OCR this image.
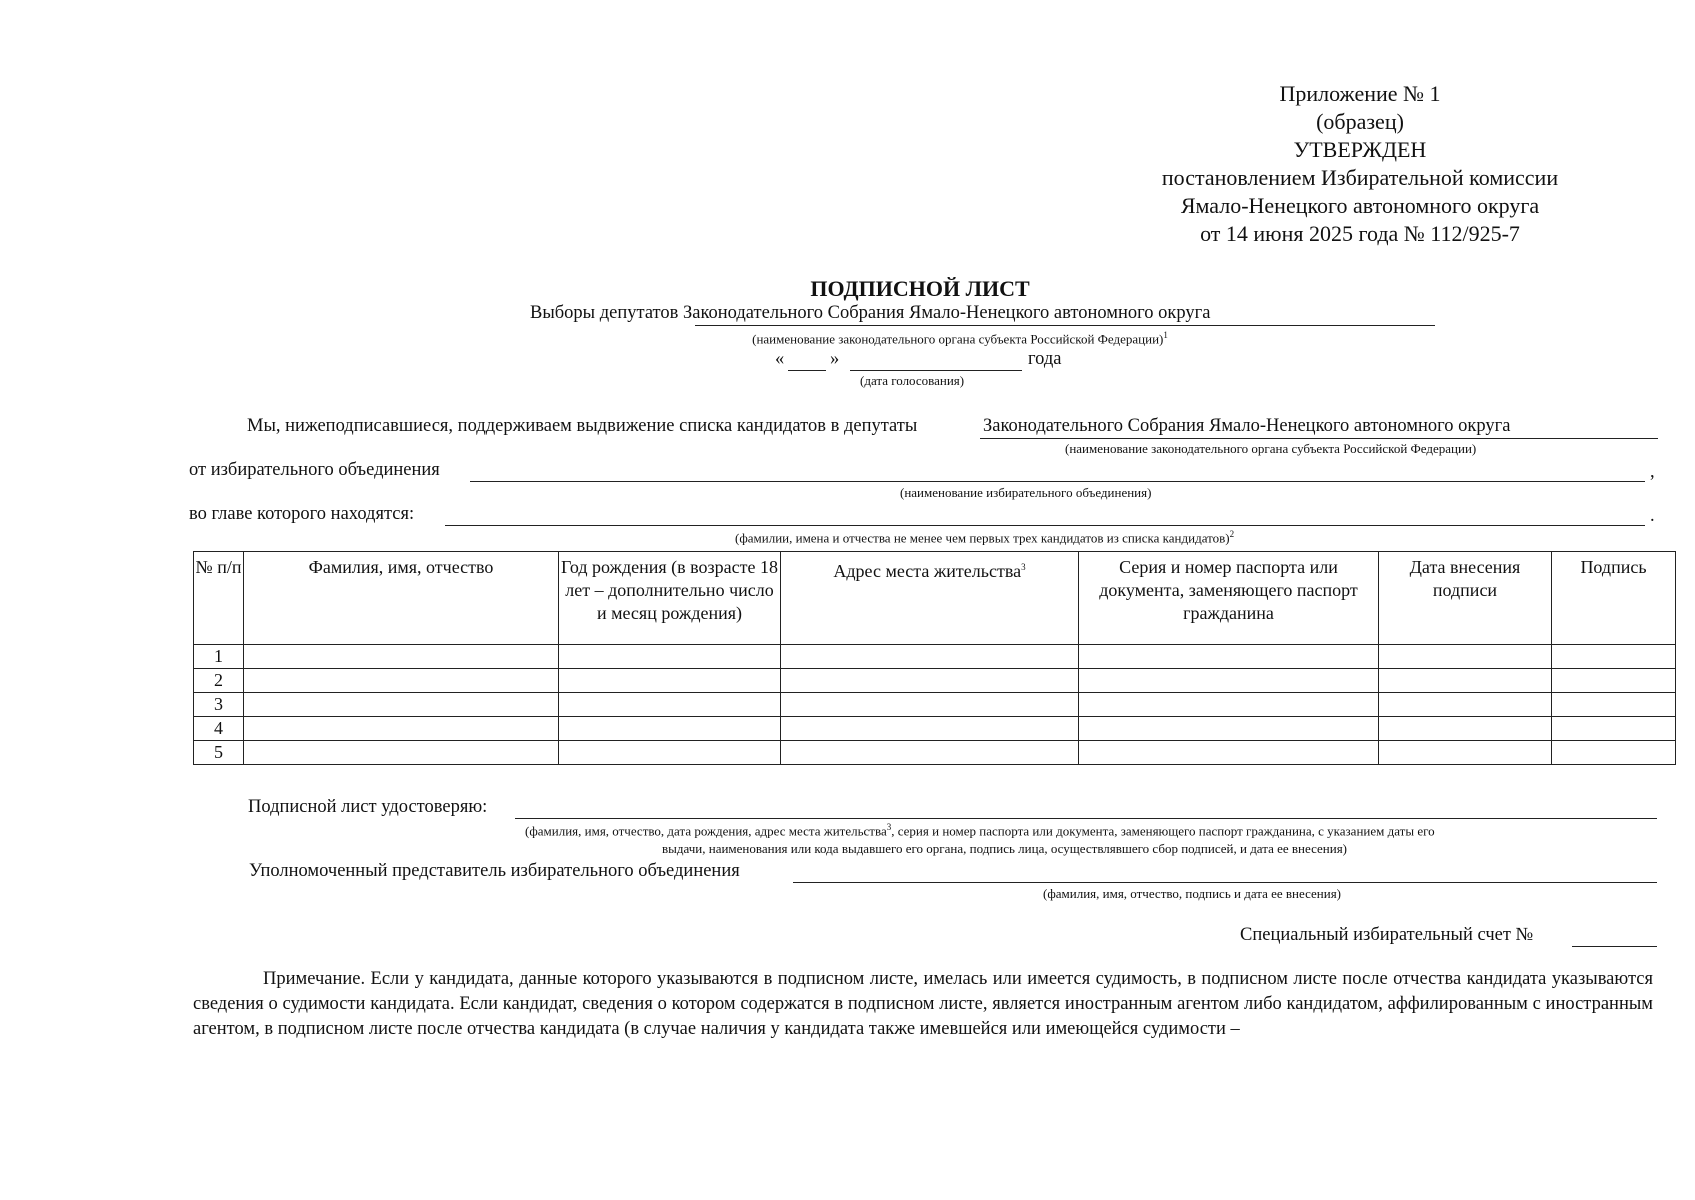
Приложение № 1
(образец)
УТВЕРЖДЕН
постановлением Избирательной комиссии
Ямало-Ненецкого автономного округа
от 14 июня 2025 года № 112/925-7
ПОДПИСНОЙ ЛИСТ
Выборы депутатов Законодательного Собрания Ямало-Ненецкого автономного округа
(наименование законодательного органа субъекта Российской Федерации)$^1$
« »	года
(дата голосования)
Мы, нижеподписавшиеся, поддерживаем выдвижение списка кандидатов в депутаты	Законодательного Собрания Ямало-Ненецкого автономного округа
(наименование законодательного органа субъекта Российской Федерации)
от избирательного объединения	,
(наименование избирательного объединения)
во главе которого находятся:	.
(фамилии, имена и отчества не менее чем первых трех кандидатов из списка кандидатов)$^2$
№ п/п	Фамилия, имя, отчество	Год рождения (в возрасте 18 лет – дополнительно число и месяц рождения)	Адрес места жительства$^3$	Серия и номер паспорта или документа, заменяющего паспорт гражданина	Дата внесения подписи	Подпись
1						
2						
3						
4						
5						
Подписной лист удостоверяю:
(фамилия, имя, отчество, дата рождения, адрес места жительства$^3$, серия и номер паспорта или документа, заменяющего паспорт гражданина, с указанием даты его
выдачи, наименования или кода выдавшего его органа, подпись лица, осуществлявшего сбор подписей, и дата ее внесения)
Уполномоченный представитель избирательного объединения
(фамилия, имя, отчество, подпись и дата ее внесения)
Специальный избирательный счет №
Примечание. Если у кандидата, данные которого указываются в подписном листе, имелась или имеется судимость, в подписном листе после отчества кандидата указываются сведения о судимости кандидата. Если кандидат, сведения о котором содержатся в подписном листе, является иностранным агентом либо кандидатом, аффилированным с иностранным агентом, в подписном листе после отчества кандидата (в случае наличия у кандидата также имевшейся или имеющейся судимости –
